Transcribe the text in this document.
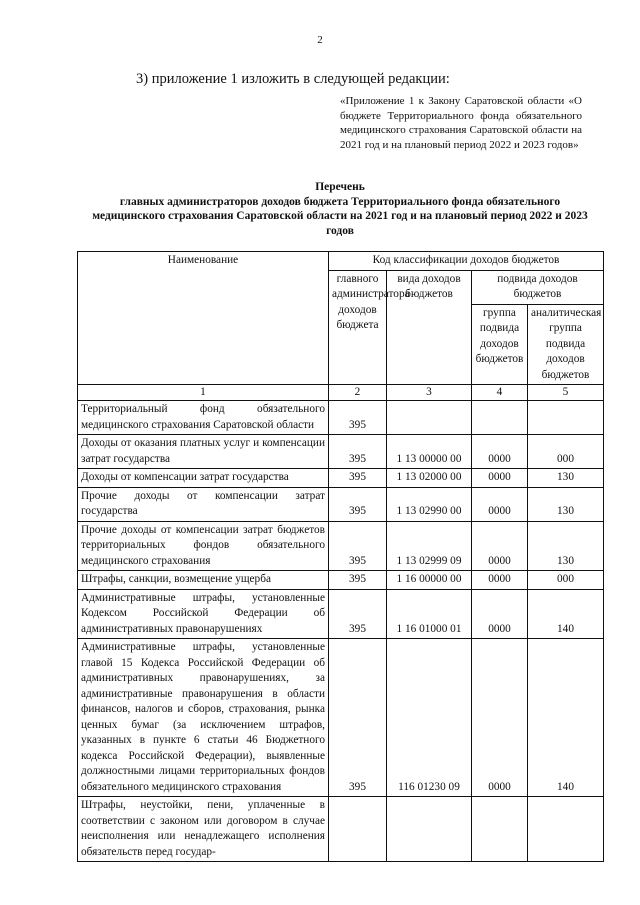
2
3) приложение 1 изложить в следующей редакции:
«Приложение 1 к Закону Саратовской области «О бюджете Территориального фонда обязательного медицинского страхования Саратовской области на 2021 год и на плановый период 2022 и 2023 годов»
Перечень
главных администраторов доходов бюджета Территориального фонда обязательного медицинского страхования Саратовской области на 2021 год и на плановый период 2022 и 2023 годов
Наименование	Код классификации доходов бюджетов			
	главного администратора доходов бюджета	вида доходов бюджетов	подвида доходов бюджетов	
			группа подвида доходов бюджетов	аналитическая группа подвида доходов бюджетов
1	2	3	4	5
Территориальный фонд обязательного медицинского страхования Саратовской области	395			
Доходы от оказания платных услуг и компенсации затрат государства	395	1 13 00000 00	0000	000
Доходы от компенсации затрат государства	395	1 13 02000 00	0000	130
Прочие доходы от компенсации затрат государства	395	1 13 02990 00	0000	130
Прочие доходы от компенсации затрат бюджетов территориальных фондов обязательного медицинского страхования	395	1 13 02999 09	0000	130
Штрафы, санкции, возмещение ущерба	395	1 16 00000 00	0000	000
Административные штрафы, установленные Кодексом Российской Федерации об административных правонарушениях	395	1 16 01000 01	0000	140
Административные штрафы, установленные главой 15 Кодекса Российской Федерации об административных правонарушениях, за административные правонарушения в области финансов, налогов и сборов, страхования, рынка ценных бумаг (за исключением штрафов, указанных в пункте 6 статьи 46 Бюджетного кодекса Российской Федерации), выявленные должностными лицами территориальных фондов обязательного медицинского страхования	395	116 01230 09	0000	140
Штрафы, неустойки, пени, уплаченные в соответствии с законом или договором в случае неисполнения или ненадлежащего исполнения обязательств перед государ-				
